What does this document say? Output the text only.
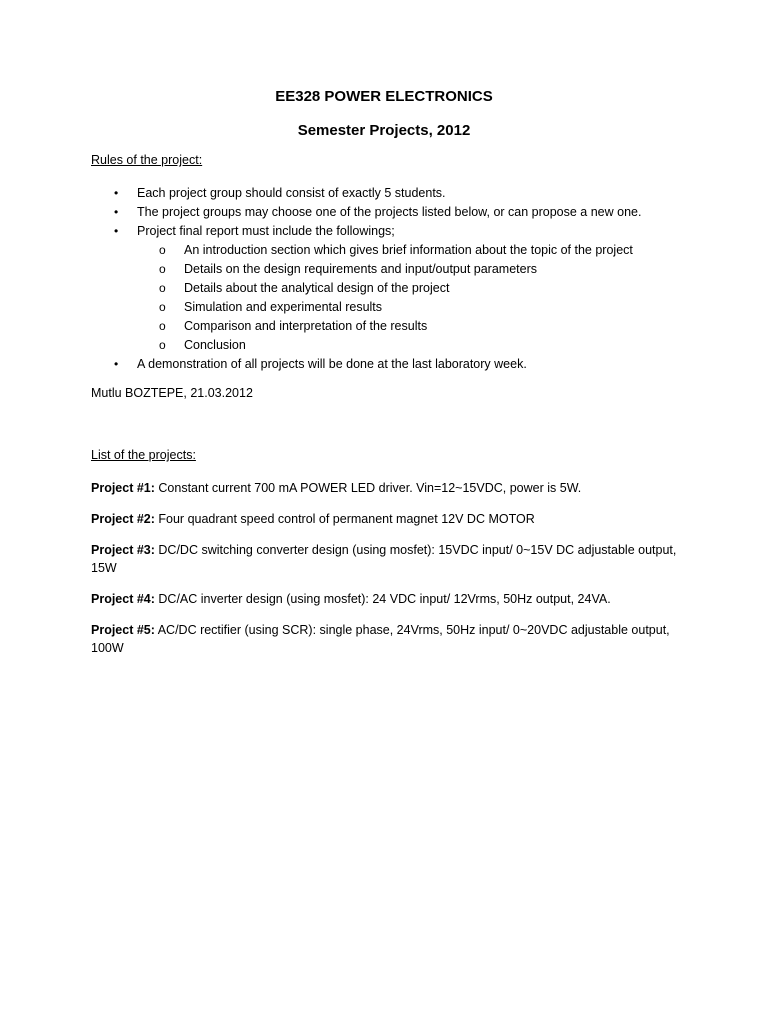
EE328 POWER ELECTRONICS
Semester Projects, 2012
Rules of the project:
• Each project group should consist of exactly 5 students.
• The project groups may choose one of the projects listed below, or can propose a new one.
• Project final report must include the followings;
o An introduction section which gives brief information about the topic of the project
o Details on the design requirements and input/output parameters
o Details about the analytical design of the project
o Simulation and experimental results
o Comparison and interpretation of the results
o Conclusion
• A demonstration of all projects will be done at the last laboratory week.
Mutlu BOZTEPE, 21.03.2012
List of the projects:
Project #1: Constant current 700 mA POWER LED driver. Vin=12~15VDC, power is 5W.
Project #2: Four quadrant speed control of permanent magnet 12V DC MOTOR
Project #3: DC/DC switching converter design (using mosfet): 15VDC input/ 0~15V DC adjustable output, 15W
Project #4: DC/AC inverter design (using mosfet): 24 VDC input/ 12Vrms, 50Hz output, 24VA.
Project #5: AC/DC rectifier (using SCR): single phase, 24Vrms, 50Hz input/ 0~20VDC adjustable output, 100W
